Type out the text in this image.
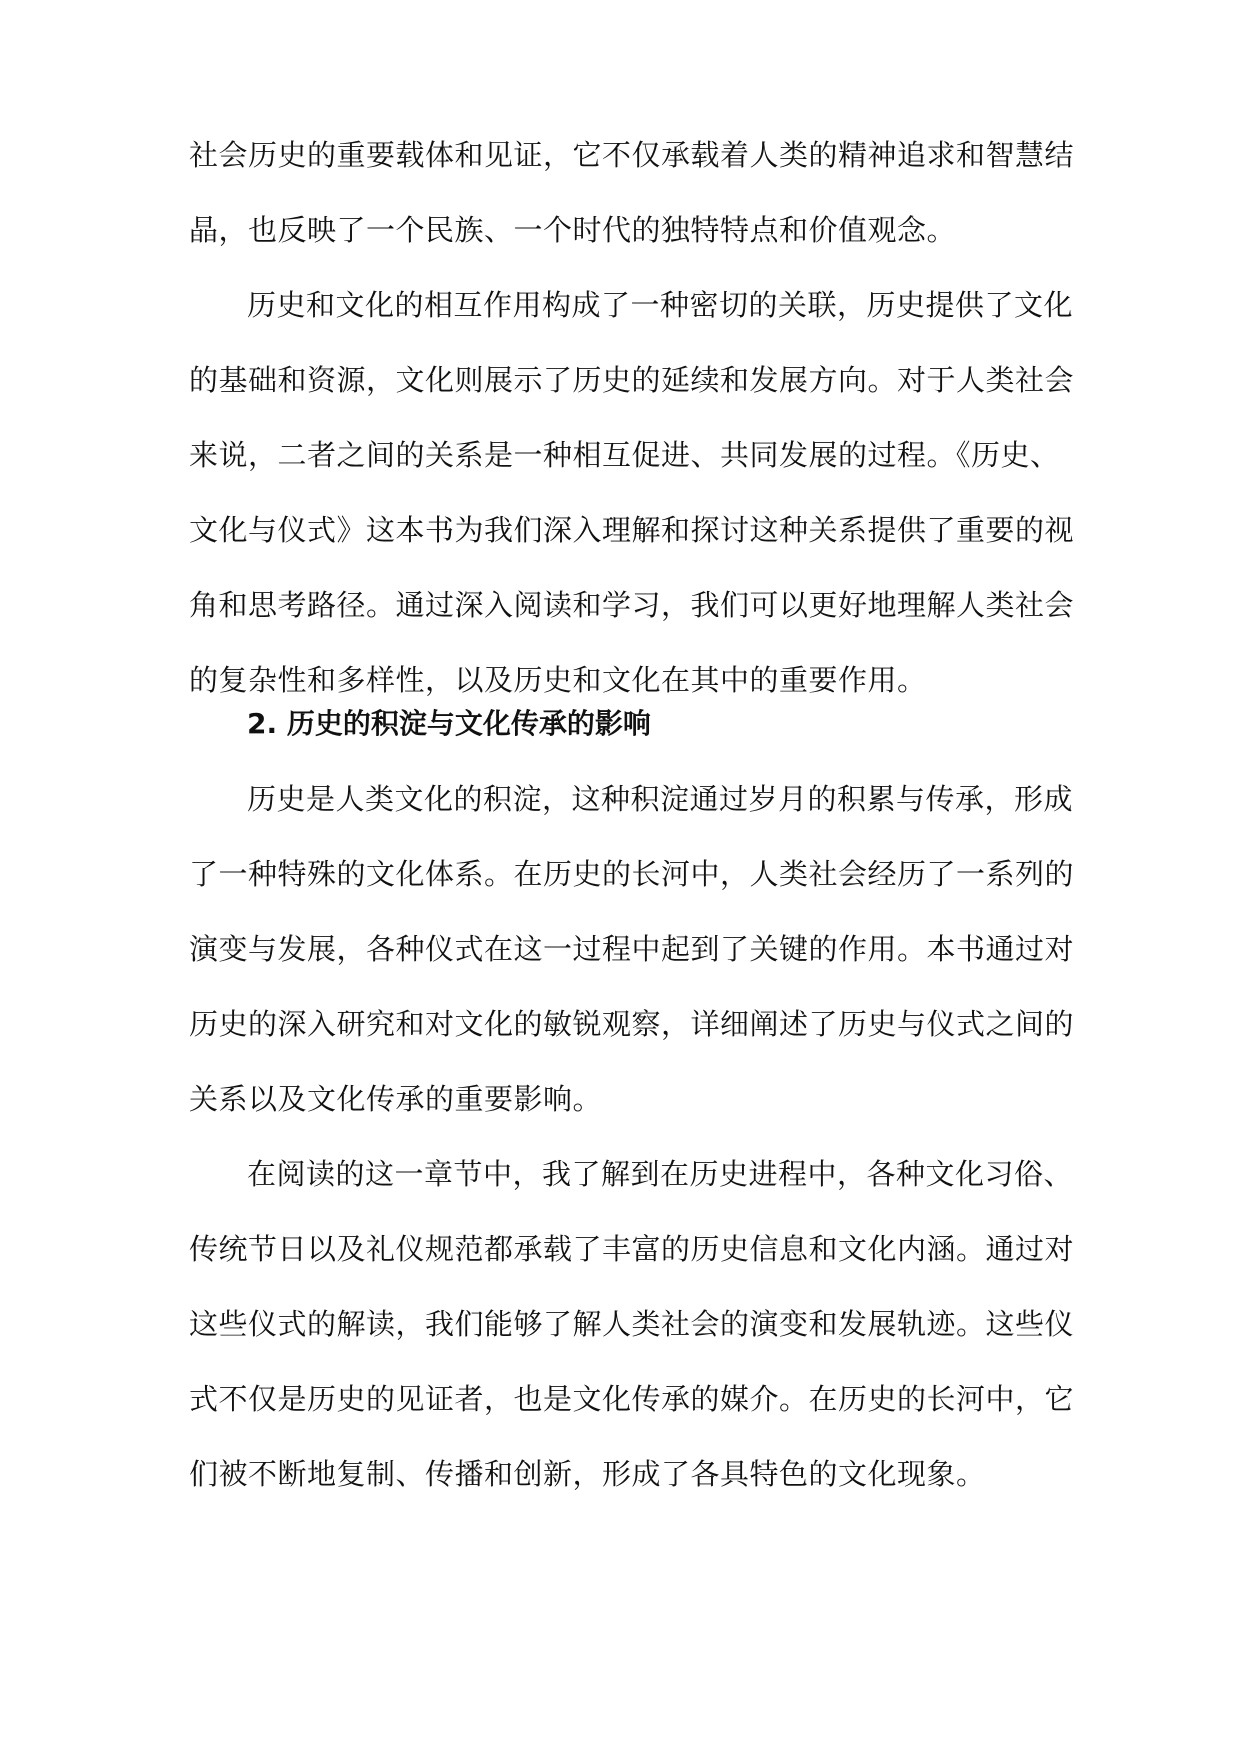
社会历史的重要载体和见证，它不仅承载着人类的精神追求和智慧结
晶，也反映了一个民族、一个时代的独特特点和价值观念。
历史和文化的相互作用构成了一种密切的关联，历史提供了文化
的基础和资源，文化则展示了历史的延续和发展方向。对于人类社会
来说，二者之间的关系是一种相互促进、共同发展的过程。《历史、
文化与仪式》这本书为我们深入理解和探讨这种关系提供了重要的视
角和思考路径。通过深入阅读和学习，我们可以更好地理解人类社会
的复杂性和多样性，以及历史和文化在其中的重要作用。
2. 历史的积淀与文化传承的影响
历史是人类文化的积淀，这种积淀通过岁月的积累与传承，形成
了一种特殊的文化体系。在历史的长河中，人类社会经历了一系列的
演变与发展，各种仪式在这一过程中起到了关键的作用。本书通过对
历史的深入研究和对文化的敏锐观察，详细阐述了历史与仪式之间的
关系以及文化传承的重要影响。
在阅读的这一章节中，我了解到在历史进程中，各种文化习俗、
传统节日以及礼仪规范都承载了丰富的历史信息和文化内涵。通过对
这些仪式的解读，我们能够了解人类社会的演变和发展轨迹。这些仪
式不仅是历史的见证者，也是文化传承的媒介。在历史的长河中，它
们被不断地复制、传播和创新，形成了各具特色的文化现象。
